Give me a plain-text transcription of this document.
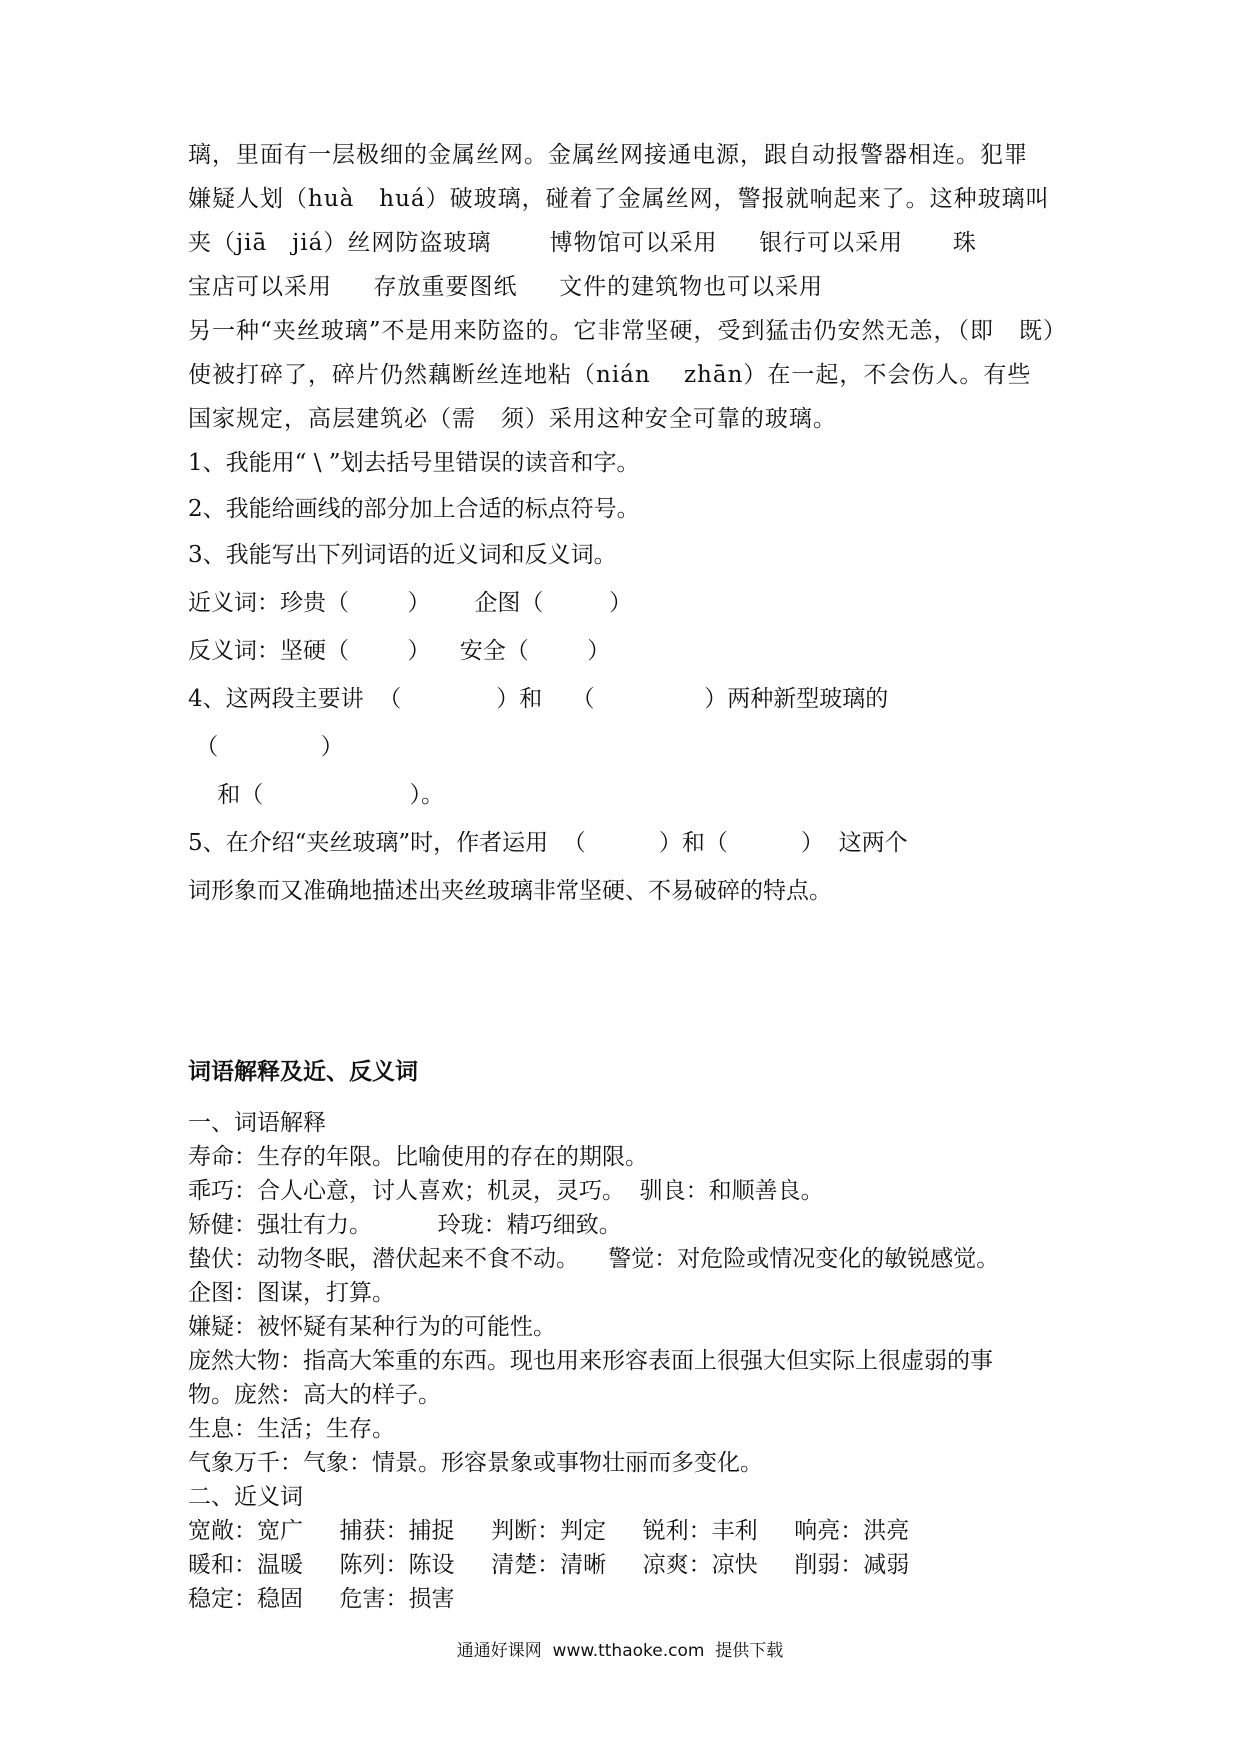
璃，里面有一层极细的金属丝网。金属丝网接通电源，跟自动报警器相连。犯罪
嫌疑人划（huà   huá）破玻璃，碰着了金属丝网，警报就响起来了。这种玻璃叫
夹（jiā   jiá）丝网防盗玻璃       博物馆可以采用     银行可以采用      珠
宝店可以采用     存放重要图纸     文件的建筑物也可以采用
另一种“夹丝玻璃”不是用来防盗的。它非常坚硬，受到猛击仍安然无恙，（即   既）
使被打碎了，碎片仍然藕断丝连地粘（nián    zhān）在一起，不会伤人。有些
国家规定，高层建筑必（需   须）采用这种安全可靠的玻璃。
1、我能用“ \ ”划去括号里错误的读音和字。
2、我能给画线的部分加上合适的标点符号。
3、我能写出下列词语的近义词和反义词。
近义词：珍贵（        ）      企图（         ）
反义词：坚硬（        ）    安全（        ）
4、这两段主要讲  （             ）和    （               ）两种新型玻璃的
（              ）
和（                    ）。
5、在介绍“夹丝玻璃”时，作者运用  （          ）和（          ）  这两个
词形象而又准确地描述出夹丝玻璃非常坚硬、不易破碎的特点。
词语解释及近、反义词
一、词语解释
寿命：生存的年限。比喻使用的存在的期限。
乖巧：合人心意，讨人喜欢；机灵，灵巧。  驯良：和顺善良。
矫健：强壮有力。         玲珑：精巧细致。
蛰伏：动物冬眠，潜伏起来不食不动。    警觉：对危险或情况变化的敏锐感觉。
企图：图谋，打算。
嫌疑：被怀疑有某种行为的可能性。
庞然大物：指高大笨重的东西。现也用来形容表面上很强大但实际上很虚弱的事
物。庞然：高大的样子。
生息：生活；生存。
气象万千：气象：情景。形容景象或事物壮丽而多变化。
二、近义词
宽敞：宽广     捕获：捕捉     判断：判定     锐利：丰利     响亮：洪亮
暖和：温暖     陈列：陈设     清楚：清晰     凉爽：凉快     削弱：减弱
稳定：稳固     危害：损害
通通好课网  www.tthaoke.com  提供下载
